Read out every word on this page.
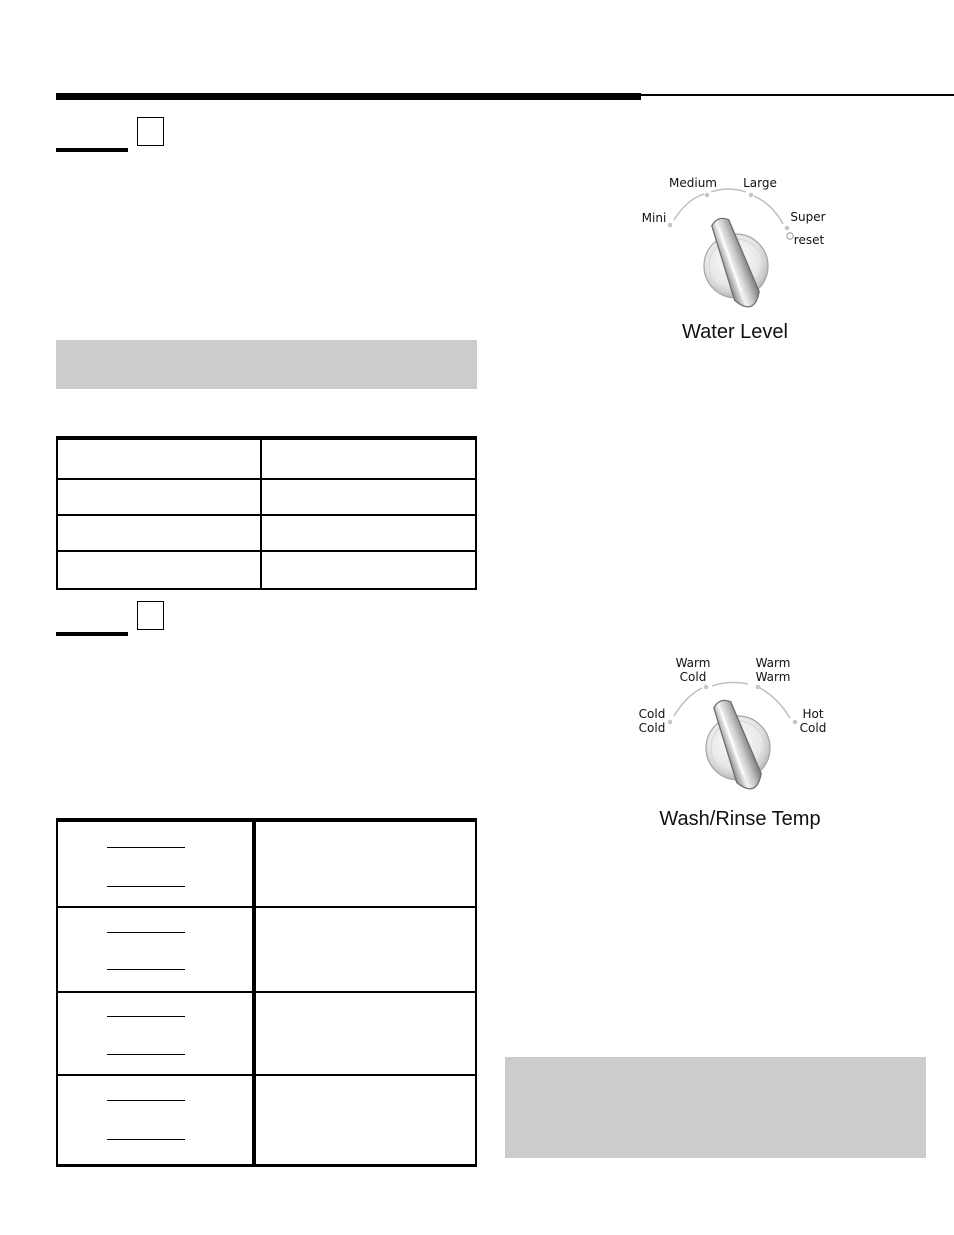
Medium Large
Mini	Super
reset
Water Level
Warm
Cold
Warm
Warm
Cold
Cold
Hot
Cold
Wash/Rinse Temp
